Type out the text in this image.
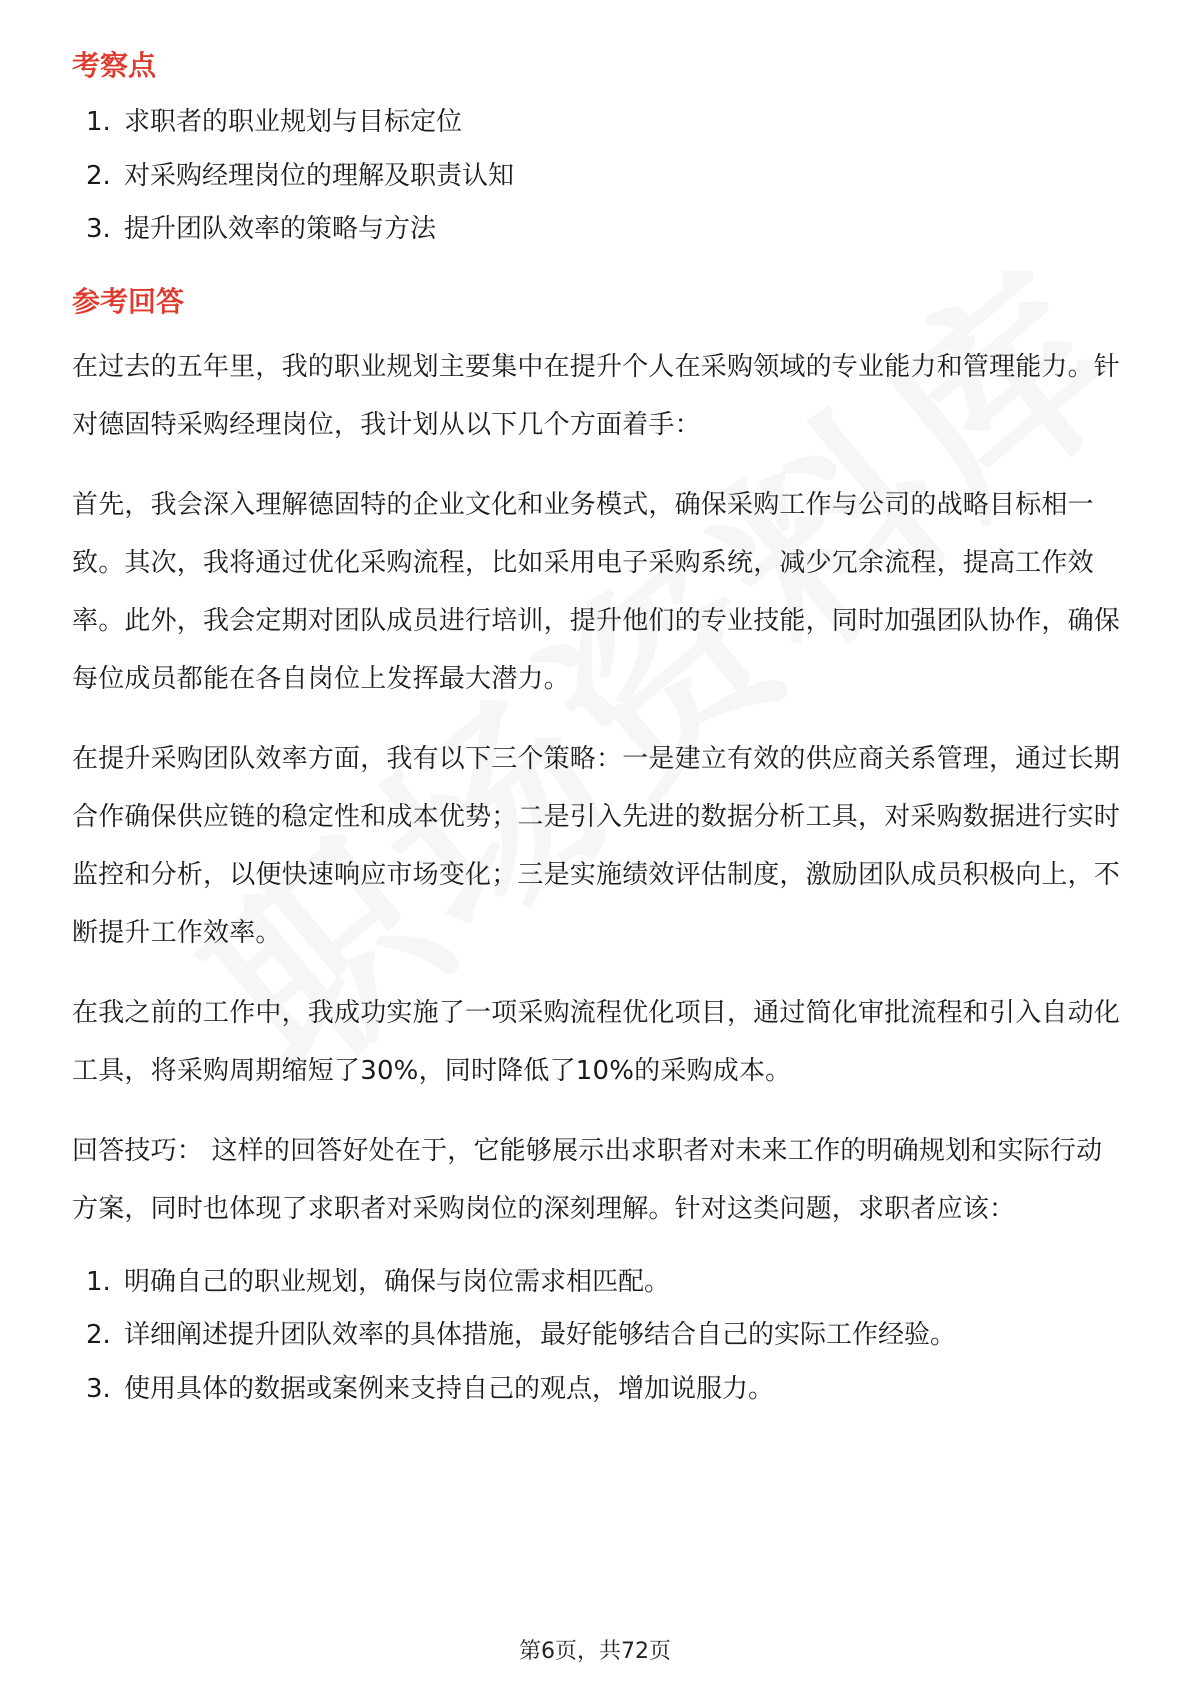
考察点
1. 求职者的职业规划与目标定位
2. 对采购经理岗位的理解及职责认知
3. 提升团队效率的策略与方法
参考回答

在过去的五年里，我的职业规划主要集中在提升个人在采购领域的专业能力和管理能力。针对德固特采购经理岗位，我计划从以下几个方面着手：

首先，我会深入理解德固特的企业文化和业务模式，确保采购工作与公司的战略目标相一致。其次，我将通过优化采购流程，比如采用电子采购系统，减少冗余流程，提高工作效率。此外，我会定期对团队成员进行培训，提升他们的专业技能，同时加强团队协作，确保每位成员都能在各自岗位上发挥最大潜力。

在提升采购团队效率方面，我有以下三个策略：一是建立有效的供应商关系管理，通过长期合作确保供应链的稳定性和成本优势；二是引入先进的数据分析工具，对采购数据进行实时监控和分析，以便快速响应市场变化；三是实施绩效评估制度，激励团队成员积极向上，不断提升工作效率。

在我之前的工作中，我成功实施了一项采购流程优化项目，通过简化审批流程和引入自动化工具，将采购周期缩短了30%，同时降低了10%的采购成本。

回答技巧： 这样的回答好处在于，它能够展示出求职者对未来工作的明确规划和实际行动方案，同时也体现了求职者对采购岗位的深刻理解。针对这类问题，求职者应该：

1. 明确自己的职业规划，确保与岗位需求相匹配。
2. 详细阐述提升团队效率的具体措施，最好能够结合自己的实际工作经验。
3. 使用具体的数据或案例来支持自己的观点，增加说服力。
第6页，共72页
